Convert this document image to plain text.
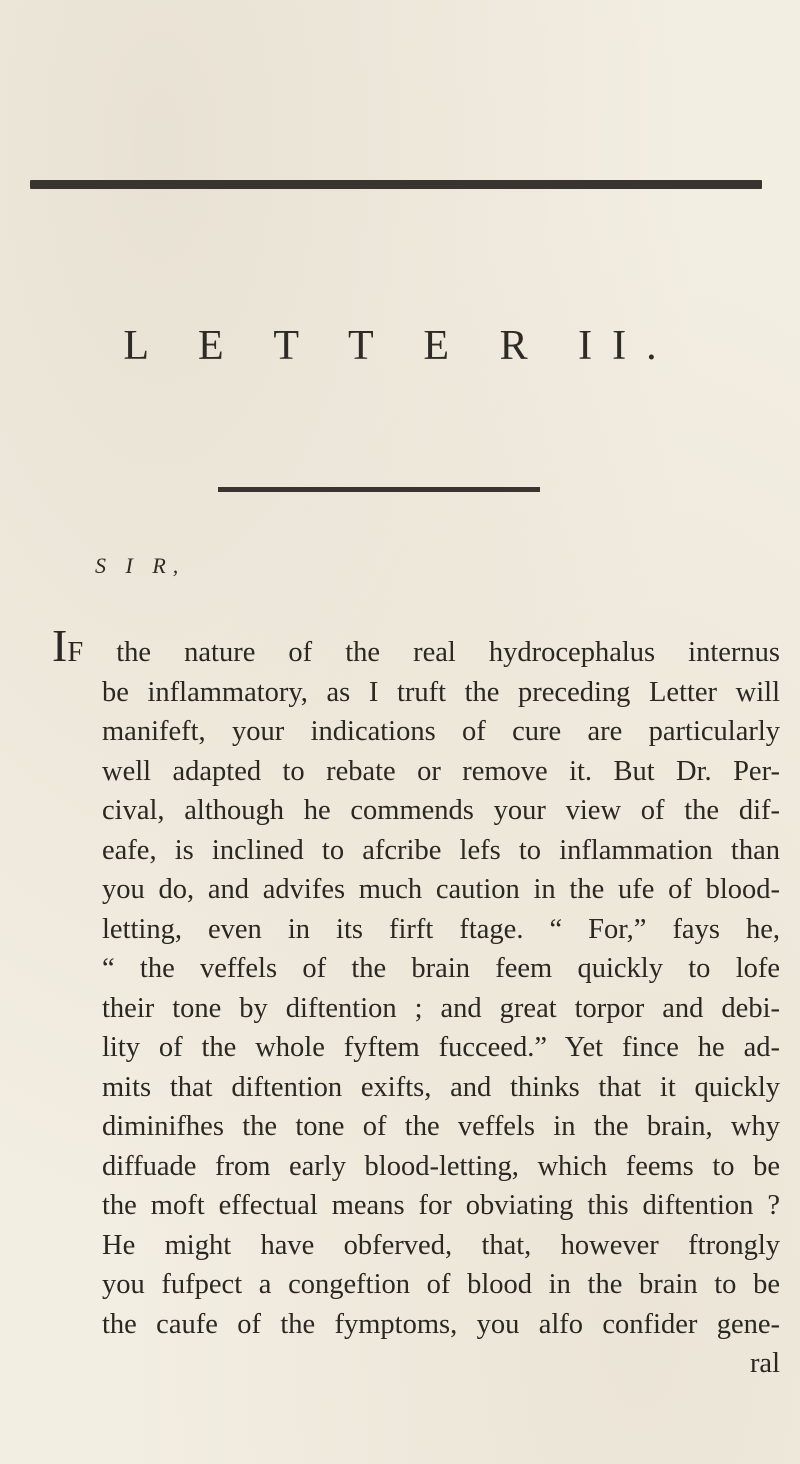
L E T T E R II.
S I R,
IF the nature of the real hydrocephalus internus
be inflammatory, as I truft the preceding Letter will
manifeft, your indications of cure are particularly
well adapted to rebate or remove it. But Dr. Per-
cival, although he commends your view of the dif-
eafe, is inclined to afcribe lefs to inflammation than
you do, and advifes much caution in the ufe of blood-
letting, even in its firft ftage. “ For,” fays he,
“ the veffels of the brain feem quickly to lofe
their tone by diftention ; and great torpor and debi-
lity of the whole fyftem fucceed.” Yet fince he ad-
mits that diftention exifts, and thinks that it quickly
diminifhes the tone of the veffels in the brain, why
diffuade from early blood-letting, which feems to be
the moft effectual means for obviating this diftention ?
He might have obferved, that, however ftrongly
you fufpect a congeftion of blood in the brain to be
the caufe of the fymptoms, you alfo confider gene-
ral
